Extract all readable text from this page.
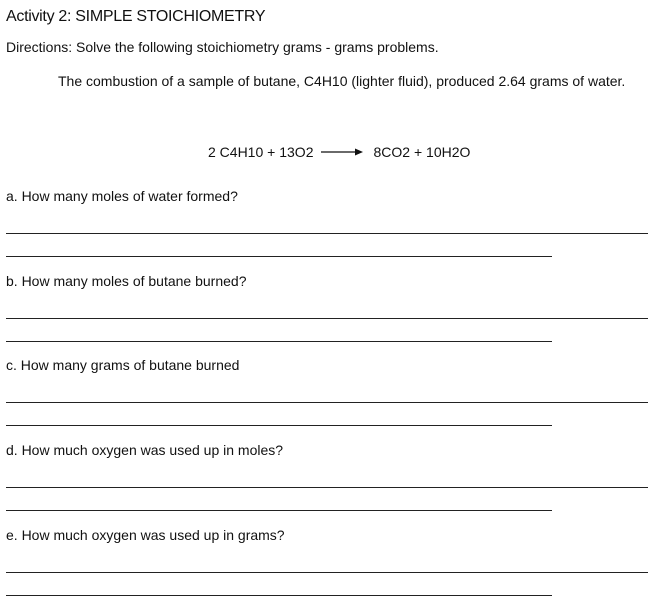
Activity 2: SIMPLE STOICHIOMETRY
Directions: Solve the following stoichiometry grams - grams problems.
The combustion of a sample of butane, C4H10 (lighter fluid), produced 2.64 grams of water.
2 C4H10
+
13O2 → 8CO2
+
10H2O
a. How many moles of water formed?
b. How many moles of butane burned?
c. How many grams of butane burned
d. How much oxygen was used up in moles?
e. How much oxygen was used up in grams?
